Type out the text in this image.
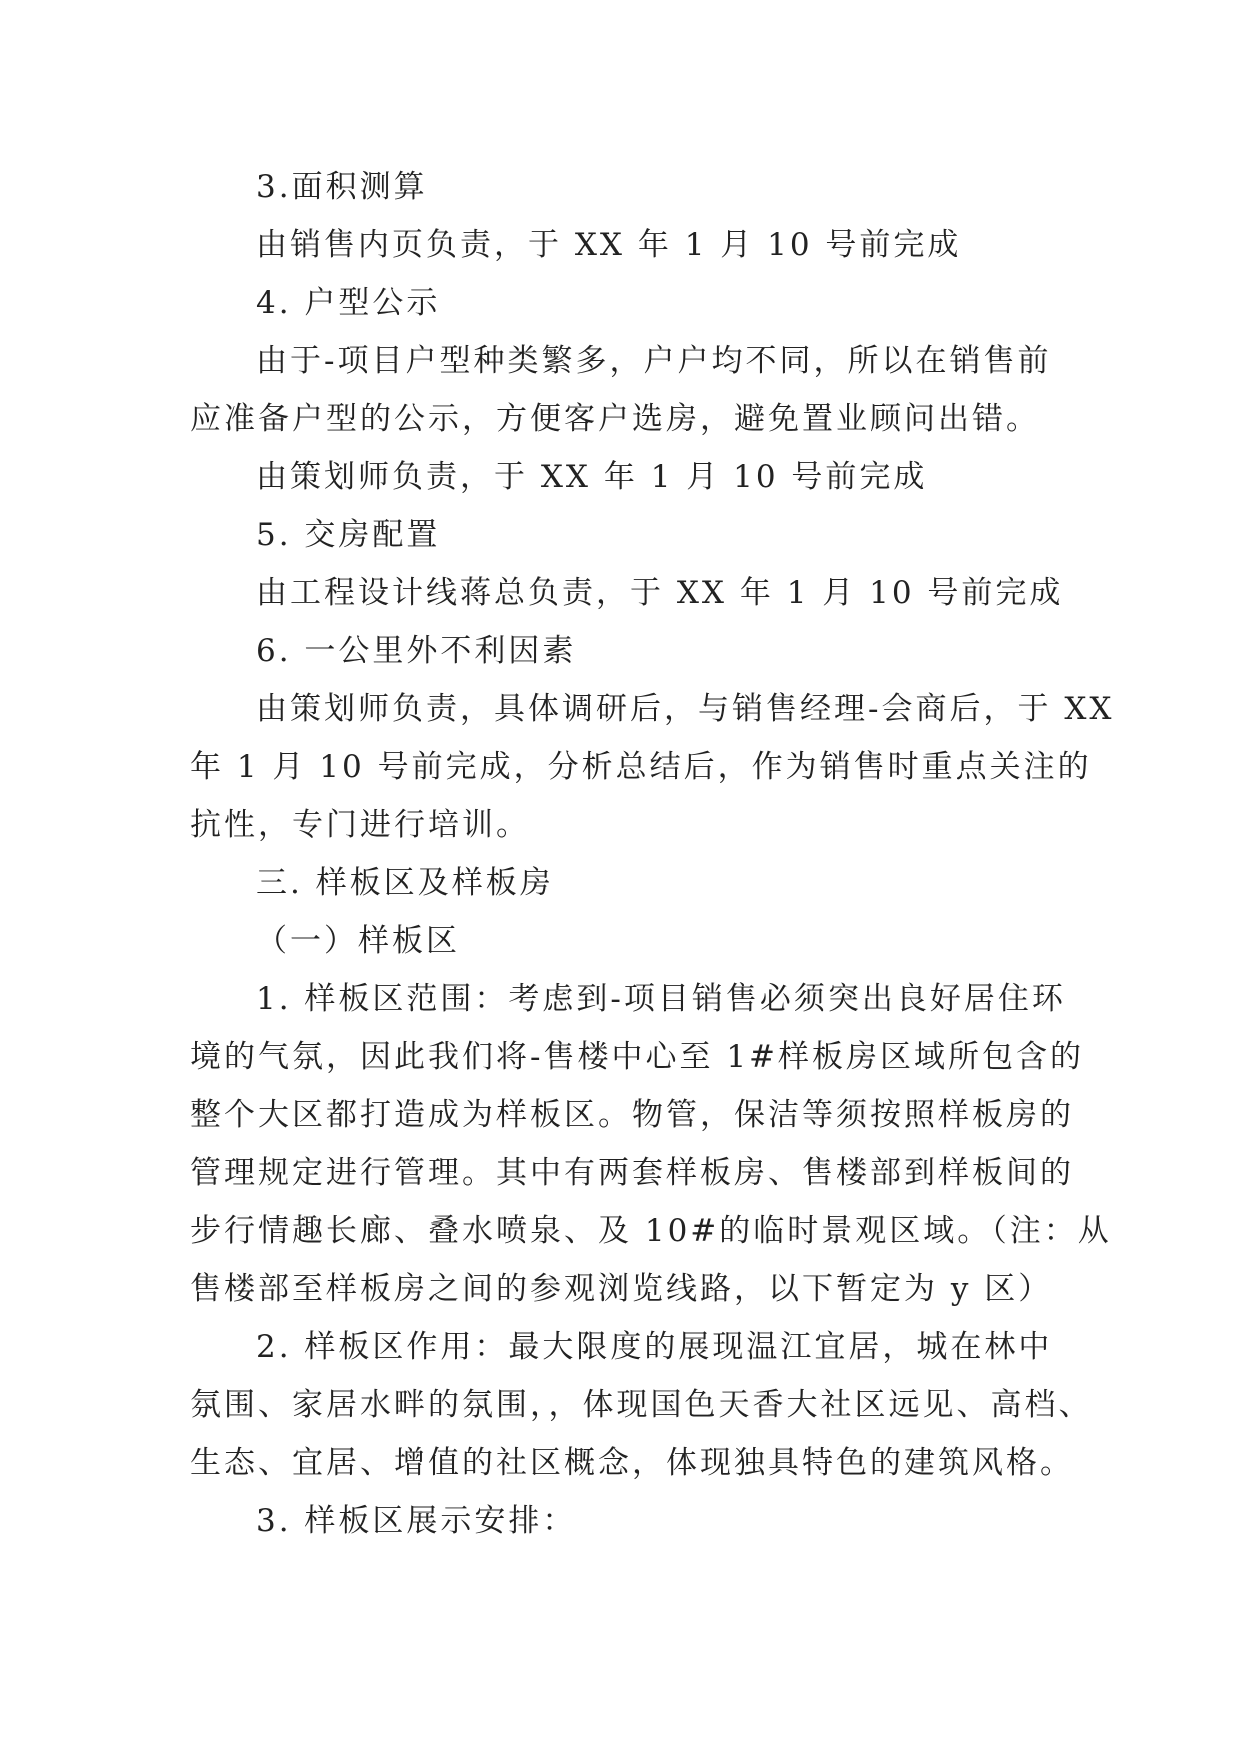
3.面积测算
由销售内页负责，于 XX 年 1 月 10 号前完成
4. 户型公示
由于-项目户型种类繁多，户户均不同，所以在销售前
应准备户型的公示，方便客户选房，避免置业顾问出错。
由策划师负责，于 XX 年 1 月 10 号前完成
5. 交房配置
由工程设计线蒋总负责，于 XX 年 1 月 10 号前完成
6. 一公里外不利因素
由策划师负责，具体调研后，与销售经理-会商后，于 XX
年 1 月 10 号前完成，分析总结后，作为销售时重点关注的
抗性，专门进行培训。
三. 样板区及样板房
（一）样板区
1. 样板区范围：考虑到-项目销售必须突出良好居住环
境的气氛，因此我们将-售楼中心至 1#样板房区域所包含的
整个大区都打造成为样板区。物管，保洁等须按照样板房的
管理规定进行管理。其中有两套样板房、售楼部到样板间的
步行情趣长廊、叠水喷泉、及 10#的临时景观区域。（注：从
售楼部至样板房之间的参观浏览线路，以下暂定为 y 区）
2. 样板区作用：最大限度的展现温江宜居，城在林中
氛围、家居水畔的氛围，，体现国色天香大社区远见、高档、
生态、宜居、增值的社区概念，体现独具特色的建筑风格。
3. 样板区展示安排：
